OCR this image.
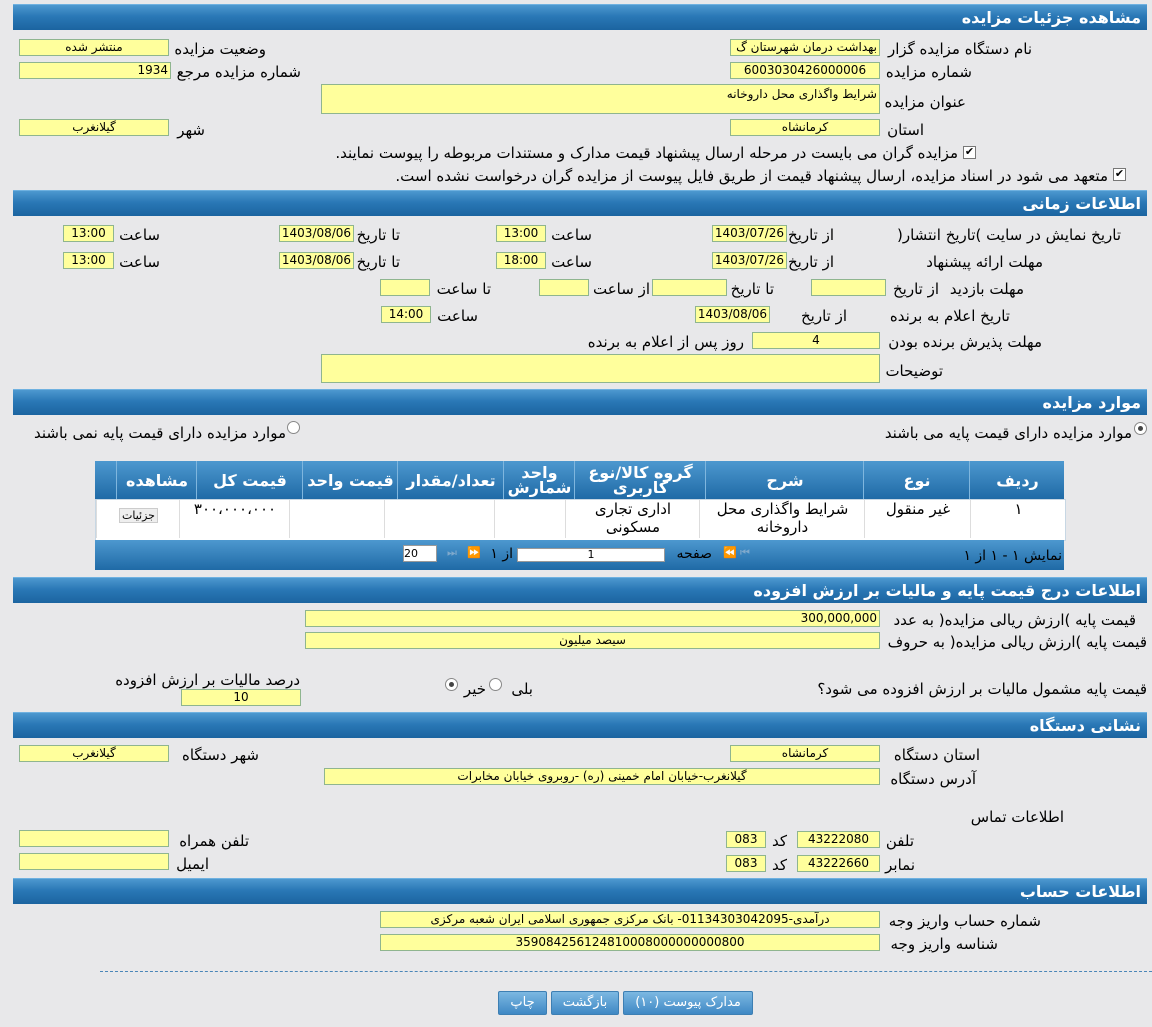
مشاهده جزئیات مزایده
نام دستگاه مزایده گزار
بهداشت درمان شهرستان گ
وضعیت مزایده
منتشر شده
شماره مزایده
6003030426000006
شماره مزایده مرجع
1934
عنوان مزایده
شرایط واگذاری محل داروخانه
استان
کرمانشاه
شهر
گیلانغرب
✔
مزایده گران می بایست در مرحله ارسال پیشنهاد قیمت مدارک و مستندات مربوطه را پیوست نمایند.
✔
متعهد می شود در اسناد مزایده، ارسال پیشنهاد قیمت از طریق فایل پیوست از مزایده گران درخواست نشده است.
اطلاعات زمانی
تاریخ نمایش در سایت )تاریخ انتشار(
از تاریخ
1403/07/26
ساعت
13:00
تا تاریخ
1403/08/06
ساعت
13:00
مهلت ارائه پیشنهاد
از تاریخ
1403/07/26
ساعت
18:00
تا تاریخ
1403/08/06
ساعت
13:00
مهلت بازدید
از تاریخ
تا تاریخ
از ساعت
تا ساعت
تاریخ اعلام به برنده
از تاریخ
1403/08/06
ساعت
14:00
مهلت پذیرش برنده بودن
4
روز پس از اعلام به برنده
توضیحات
موارد مزایده
موارد مزایده دارای قیمت پایه می باشند
موارد مزایده دارای قیمت پایه نمی باشند
ردیف
نوع
شرح
گروه کالا/نوع کاربری
واحد شمارش
تعداد/مقدار
قیمت واحد
قیمت کل
مشاهده
۱
غیر منقول
شرایط واگذاری محل داروخانه
اداری تجاری مسکونی
۳۰۰،۰۰۰،۰۰۰
$_{جزئیات}$
نمایش ۱ - ۱ از ۱
⏮
⏪
صفحه
1
از ۱
⏩
⏭
20
اطلاعات درج قیمت پایه و مالیات بر ارزش افزوده
قیمت پایه )ارزش ریالی مزایده( به عدد
300,000,000
قیمت پایه )ارزش ریالی مزایده( به حروف
سیصد میلیون
قیمت پایه مشمول مالیات بر ارزش افزوده می شود؟
بلی
خیر
درصد مالیات بر ارزش افزوده
10
نشانی دستگاه
استان دستگاه
کرمانشاه
شهر دستگاه
گیلانغرب
آدرس دستگاه
گیلانغرب-خیابان امام خمینی (ره) -روبروی خیابان مخابرات
اطلاعات تماس
تلفن
43222080
کد
083
تلفن همراه
نمابر
43222660
کد
083
ایمیل
اطلاعات حساب
شماره حساب واریز وجه
درآمدی-01134303042095- بانک مرکزی جمهوری اسلامی ایران شعبه مرکزی
شناسه واریز وجه
359084256124810008000000000800
مدارک پیوست (۱۰)
بازگشت
چاپ
